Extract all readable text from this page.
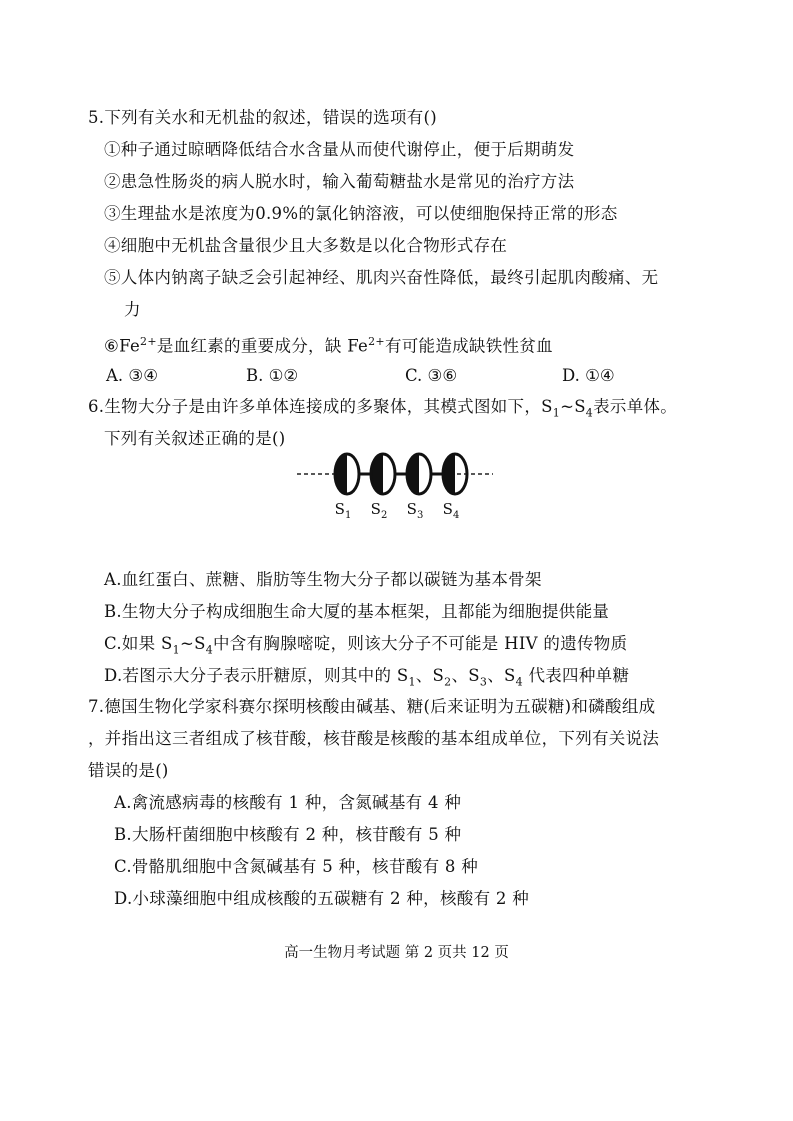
5.下列有关水和无机盐的叙述，错误的选项有()
①种子通过晾晒降低结合水含量从而使代谢停止，便于后期萌发
②患急性肠炎的病人脱水时，输入葡萄糖盐水是常见的治疗方法
③生理盐水是浓度为0.9%的氯化钠溶液，可以使细胞保持正常的形态
④细胞中无机盐含量很少且大多数是以化合物形式存在
⑤人体内钠离子缺乏会引起神经、肌肉兴奋性降低，最终引起肌肉酸痛、无
力
$⑥Fe^{2+}$是血红素的重要成分，缺 $Fe^{2+}$有可能造成缺铁性贫血
A. ③④	B. ①②	C. ③⑥	D. ①④
6.生物大分子是由许多单体连接成的多聚体，其模式图如下，$S_1\sim S_4$表示单体。
下列有关叙述正确的是()
$S_1$ $S_2$ $S_3$ $S_4$
A.血红蛋白、蔗糖、脂肪等生物大分子都以碳链为基本骨架
B.生物大分子构成细胞生命大厦的基本框架，且都能为细胞提供能量
C.如果 $S_1\sim S_4$中含有胸腺嘧啶，则该大分子不可能是 HIV 的遗传物质
D.若图示大分子表示肝糖原，则其中的 $S_1$、$S_2$、$S_3$、$S_4$ 代表四种单糖
7.德国生物化学家科赛尔探明核酸由碱基、糖(后来证明为五碳糖)和磷酸组成
，并指出这三者组成了核苷酸，核苷酸是核酸的基本组成单位，下列有关说法
错误的是()
A.禽流感病毒的核酸有 1 种，含氮碱基有 4 种
B.大肠杆菌细胞中核酸有 2 种，核苷酸有 5 种
C.骨骼肌细胞中含氮碱基有 5 种，核苷酸有 8 种
D.小球藻细胞中组成核酸的五碳糖有 2 种，核酸有 2 种
高一生物月考试题 第 2 页共 12 页
